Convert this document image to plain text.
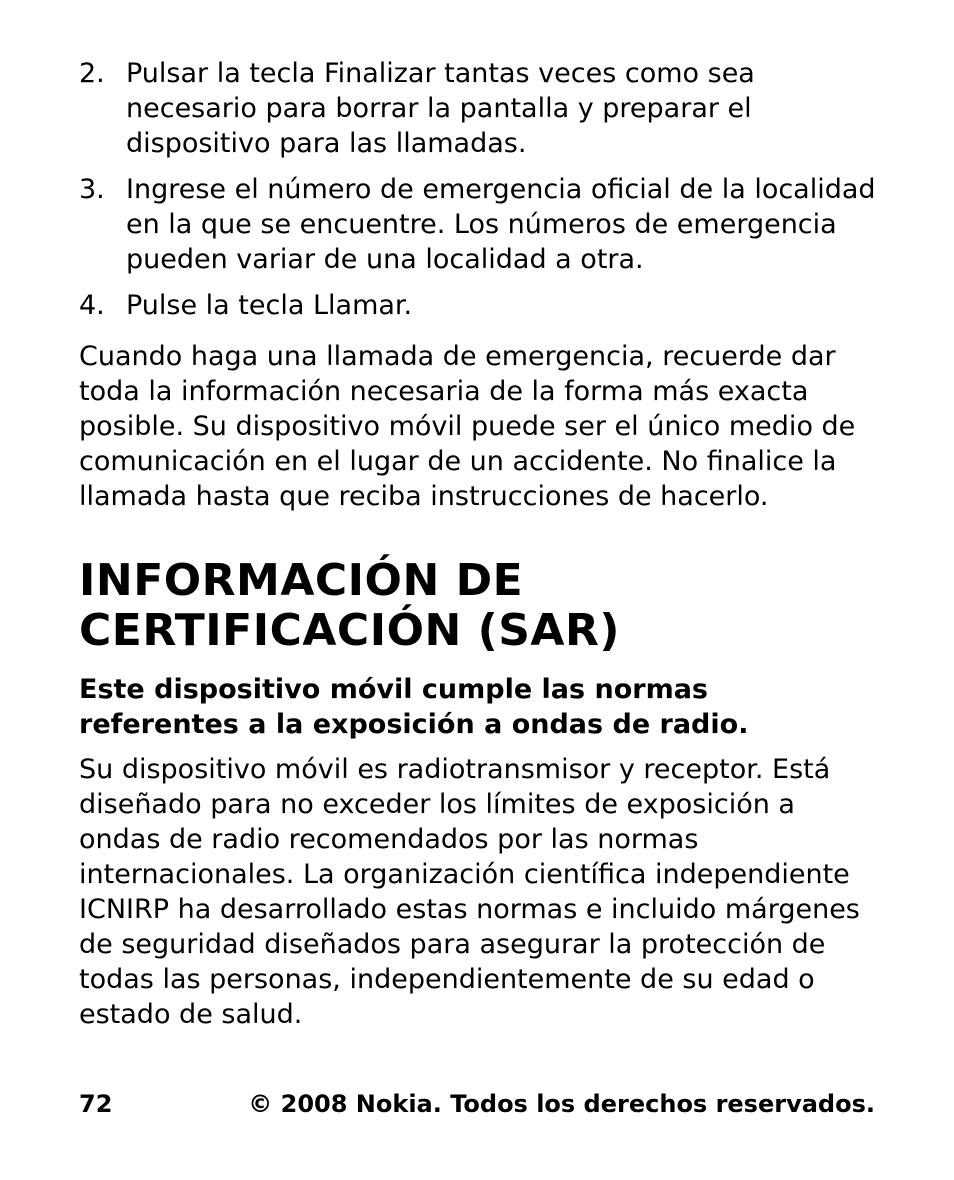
2. Pulsar la tecla Finalizar tantas veces como sea necesario para borrar la pantalla y preparar el dispositivo para las llamadas.
3. Ingrese el número de emergencia oficial de la localidad en la que se encuentre. Los números de emergencia pueden variar de una localidad a otra.
4. Pulse la tecla Llamar.

Cuando haga una llamada de emergencia, recuerde dar toda la información necesaria de la forma más exacta posible. Su dispositivo móvil puede ser el único medio de comunicación en el lugar de un accidente. No finalice la llamada hasta que reciba instrucciones de hacerlo.

INFORMACIÓN DE CERTIFICACIÓN (SAR)

Este dispositivo móvil cumple las normas referentes a la exposición a ondas de radio.

Su dispositivo móvil es radiotransmisor y receptor. Está diseñado para no exceder los límites de exposición a ondas de radio recomendados por las normas internacionales. La organización científica independiente ICNIRP ha desarrollado estas normas e incluido márgenes de seguridad diseñados para asegurar la protección de todas las personas, independientemente de su edad o estado de salud.

72	© 2008 Nokia. Todos los derechos reservados.
